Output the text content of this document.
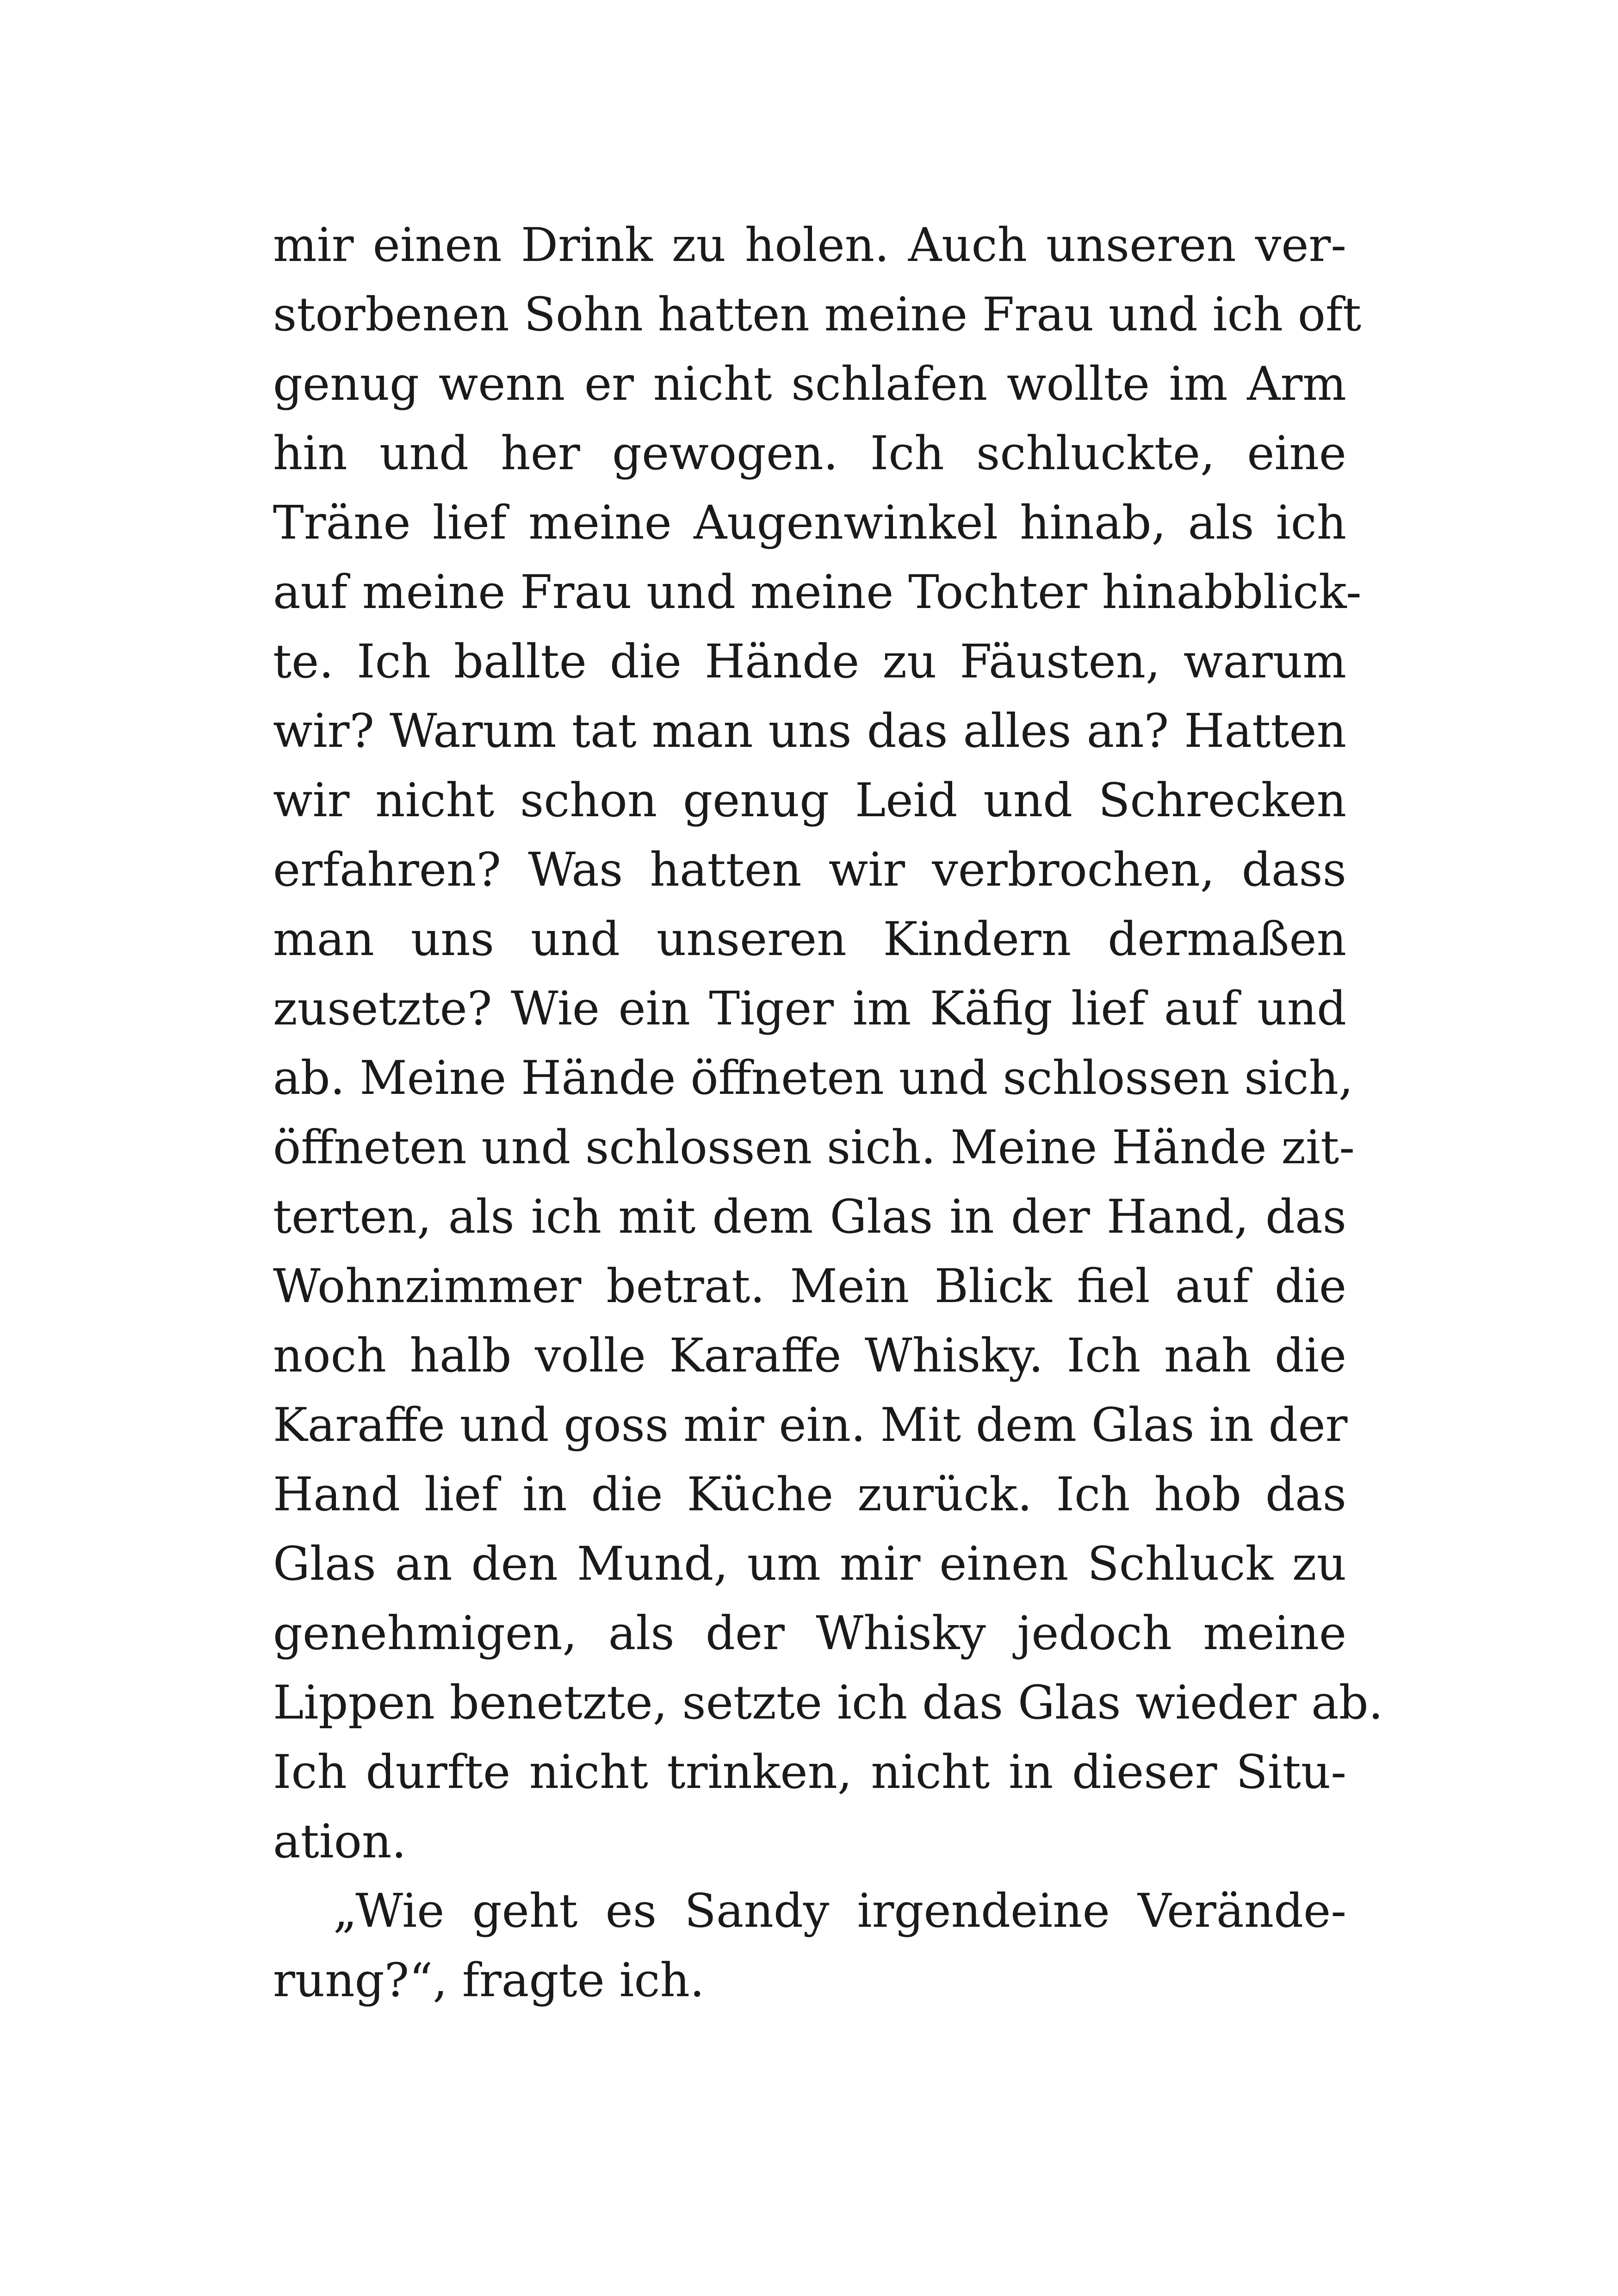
mir einen Drink zu holen. Auch unseren ver-
storbenen Sohn hatten meine Frau und ich oft
genug wenn er nicht schlafen wollte im Arm
hin und her gewogen. Ich schluckte, eine
Träne lief meine Augenwinkel hinab, als ich
auf meine Frau und meine Tochter hinabblick-
te. Ich ballte die Hände zu Fäusten, warum
wir? Warum tat man uns das alles an? Hatten
wir nicht schon genug Leid und Schrecken
erfahren? Was hatten wir verbrochen, dass
man uns und unseren Kindern dermaßen
zusetzte? Wie ein Tiger im Käfig lief auf und
ab. Meine Hände öffneten und schlossen sich,
öffneten und schlossen sich. Meine Hände zit-
terten, als ich mit dem Glas in der Hand, das
Wohnzimmer betrat. Mein Blick fiel auf die
noch halb volle Karaffe Whisky. Ich nah die
Karaffe und goss mir ein. Mit dem Glas in der
Hand lief in die Küche zurück. Ich hob das
Glas an den Mund, um mir einen Schluck zu
genehmigen, als der Whisky jedoch meine
Lippen benetzte, setzte ich das Glas wieder ab.
Ich durfte nicht trinken, nicht in dieser Situ-
ation.
„Wie geht es Sandy irgendeine Verände-
rung?“, fragte ich.
